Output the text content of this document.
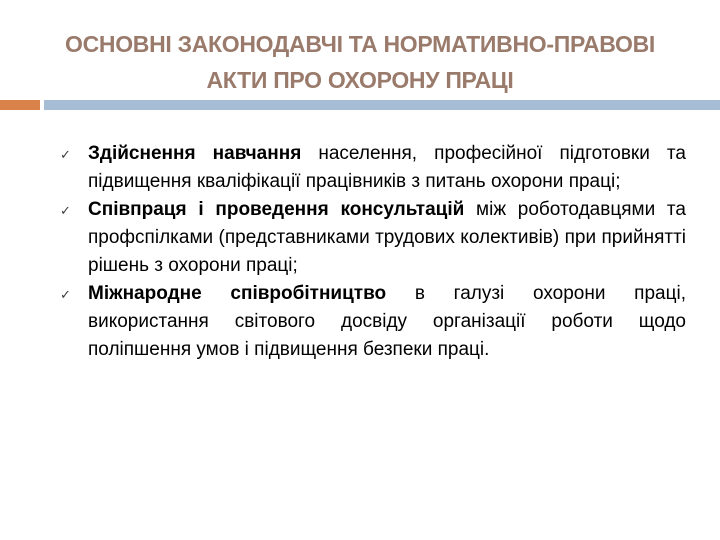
ОСНОВНІ ЗАКОНОДАВЧІ ТА НОРМАТИВНО-ПРАВОВІ
АКТИ ПРО ОХОРОНУ ПРАЦІ
✓ Здійснення навчання населення, професійної підготовки та підвищення кваліфікації працівників з питань охорони праці;
✓ Співпраця і проведення консультацій між роботодавцями та профспілками (представниками трудових колективів) при прийнятті рішень з охорони праці;
✓ Міжнародне співробітництво в галузі охорони праці, використання світового досвіду організації роботи щодо поліпшення умов і підвищення безпеки праці.
